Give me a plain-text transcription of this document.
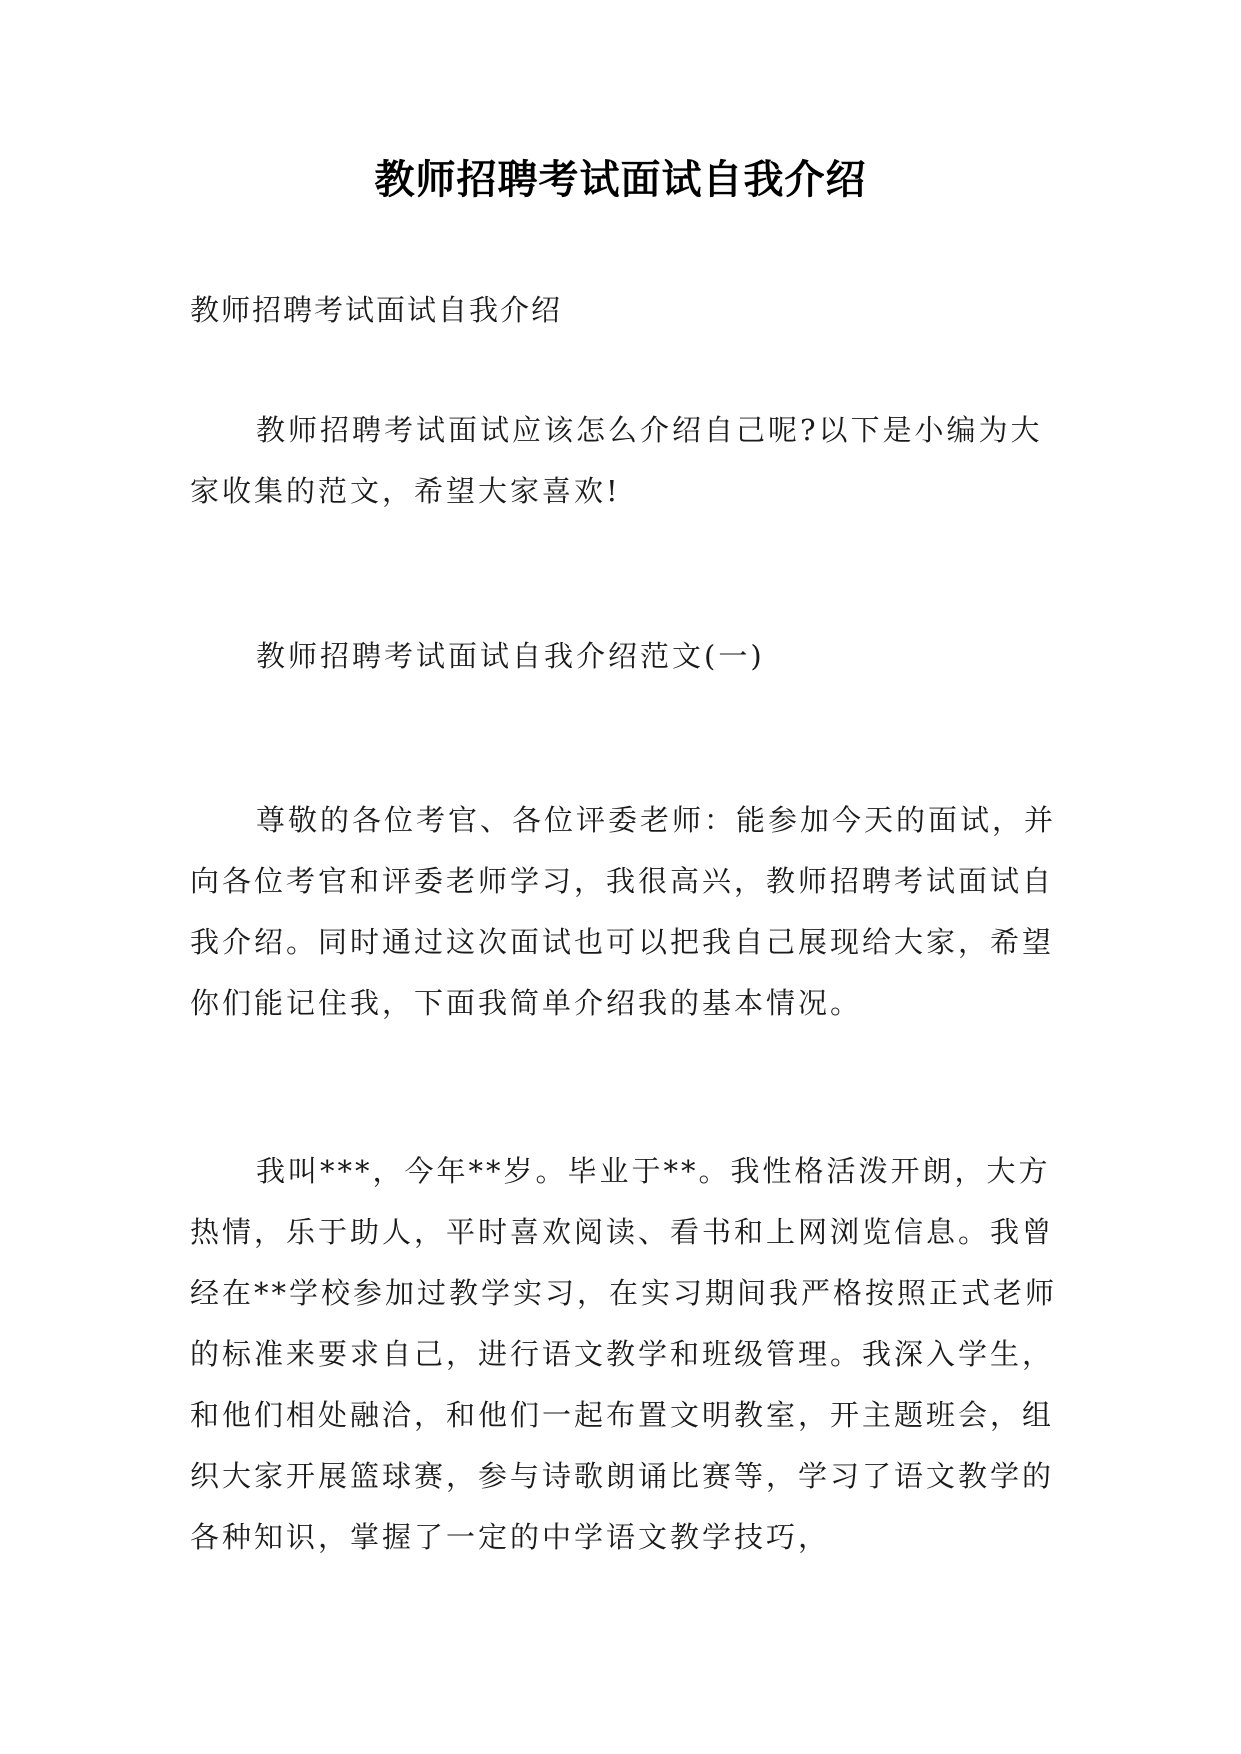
教师招聘考试面试自我介绍
教师招聘考试面试自我介绍

教师招聘考试面试应该怎么介绍自己呢?以下是小编为大家收集的范文，希望大家喜欢!

教师招聘考试面试自我介绍范文(一)

尊敬的各位考官、各位评委老师：能参加今天的面试，并向各位考官和评委老师学习，我很高兴，教师招聘考试面试自我介绍。同时通过这次面试也可以把我自己展现给大家，希望你们能记住我，下面我简单介绍我的基本情况。

我叫***，今年**岁。毕业于**。我性格活泼开朗，大方热情，乐于助人，平时喜欢阅读、看书和上网浏览信息。我曾经在**学校参加过教学实习，在实习期间我严格按照正式老师的标准来要求自己，进行语文教学和班级管理。我深入学生，和他们相处融洽，和他们一起布置文明教室，开主题班会，组织大家开展篮球赛，参与诗歌朗诵比赛等，学习了语文教学的各种知识，掌握了一定的中学语文教学技巧，
